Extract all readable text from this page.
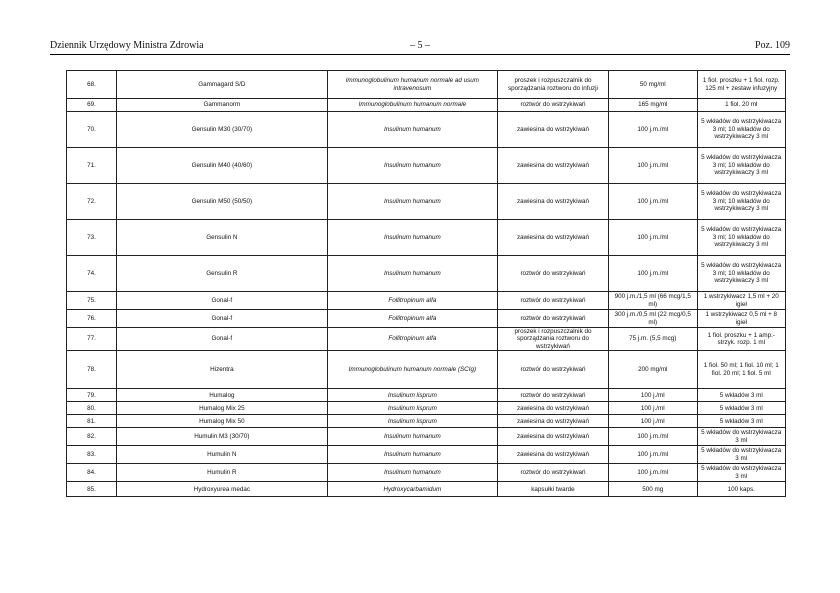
Dziennik Urzędowy Ministra Zdrowia	– 5 –	Poz. 109
68.	Gammagard S/D	Immunoglobulinum humanum normale ad usum intravenosum	proszek i rozpuszczalnik do sporządzania roztworu do infuzji	50 mg/ml	1 fiol. proszku + 1 fiol. rozp. 125 ml + zestaw infuzyjny
69.	Gammanorm	Immunoglobulinum humanum normale	roztwór do wstrzykiwań	165 mg/ml	1 fiol. 20 ml
70.	Gensulin M30 (30/70)	Insulinum humanum	zawiesina do wstrzykiwań	100 j.m./ml	5 wkładów do wstrzykiwacza 3 ml; 10 wkładów do wstrzykiwaczy 3 ml
71.	Gensulin M40 (40/60)	Insulinum humanum	zawiesina do wstrzykiwań	100 j.m./ml	5 wkładów do wstrzykiwacza 3 ml; 10 wkładów do wstrzykiwaczy 3 ml
72.	Gensulin M50 (50/50)	Insulinum humanum	zawiesina do wstrzykiwań	100 j.m./ml	5 wkładów do wstrzykiwacza 3 ml; 10 wkładów do wstrzykiwaczy 3 ml
73.	Gensulin N	Insulinum humanum	zawiesina do wstrzykiwań	100 j.m./ml	5 wkładów do wstrzykiwacza 3 ml; 10 wkładów do wstrzykiwaczy 3 ml
74.	Gensulin R	Insulinum humanum	roztwór do wstrzykiwań	100 j.m./ml	5 wkładów do wstrzykiwacza 3 ml; 10 wkładów do wstrzykiwaczy 3 ml
75.	Gonal-f	Follitropinum alfa	roztwór do wstrzykiwań	900 j.m./1,5 ml (66 mcg/1,5 ml)	1 wstrzykiwacz 1,5 ml + 20 igieł
76.	Gonal-f	Follitropinum alfa	roztwór do wstrzykiwań	300 j.m./0,5 ml (22 mcg/0,5 ml)	1 wstrzykiwacz 0,5 ml + 8 igieł
77.	Gonal-f	Follitropinum alfa	proszek i rozpuszczalnik do sporządzania roztworu do wstrzykiwań	75 j.m. (5,5 mcg)	1 fiol. proszku + 1 amp.-strzyk. rozp. 1 ml
78.	Hizentra	Immunoglobulinum humanum normale (SCIg)	roztwór do wstrzykiwań	200 mg/ml	1 fiol. 50 ml; 1 fiol. 10 ml; 1 fiol. 20 ml; 1 fiol. 5 ml
79.	Humalog	Insulinum lisprum	roztwór do wstrzykiwań	100 j./ml	5 wkładów 3 ml
80.	Humalog Mix 25	Insulinum lisprum	zawiesina do wstrzykiwań	100 j./ml	5 wkładów 3 ml
81.	Humalog Mix 50	Insulinum lisprum	zawiesina do wstrzykiwań	100 j./ml	5 wkładów 3 ml
82.	Humulin M3 (30/70)	Insulinum humanum	zawiesina do wstrzykiwań	100 j.m./ml	5 wkładów do wstrzykiwacza 3 ml
83.	Humulin N	Insulinum humanum	zawiesina do wstrzykiwań	100 j.m./ml	5 wkładów do wstrzykiwacza 3 ml
84.	Humulin R	Insulinum humanum	roztwór do wstrzykiwań	100 j.m./ml	5 wkładów do wstrzykiwacza 3 ml
85.	Hydroxyurea medac	Hydroxycarbamidum	kapsułki twarde	500 mg	100 kaps.
